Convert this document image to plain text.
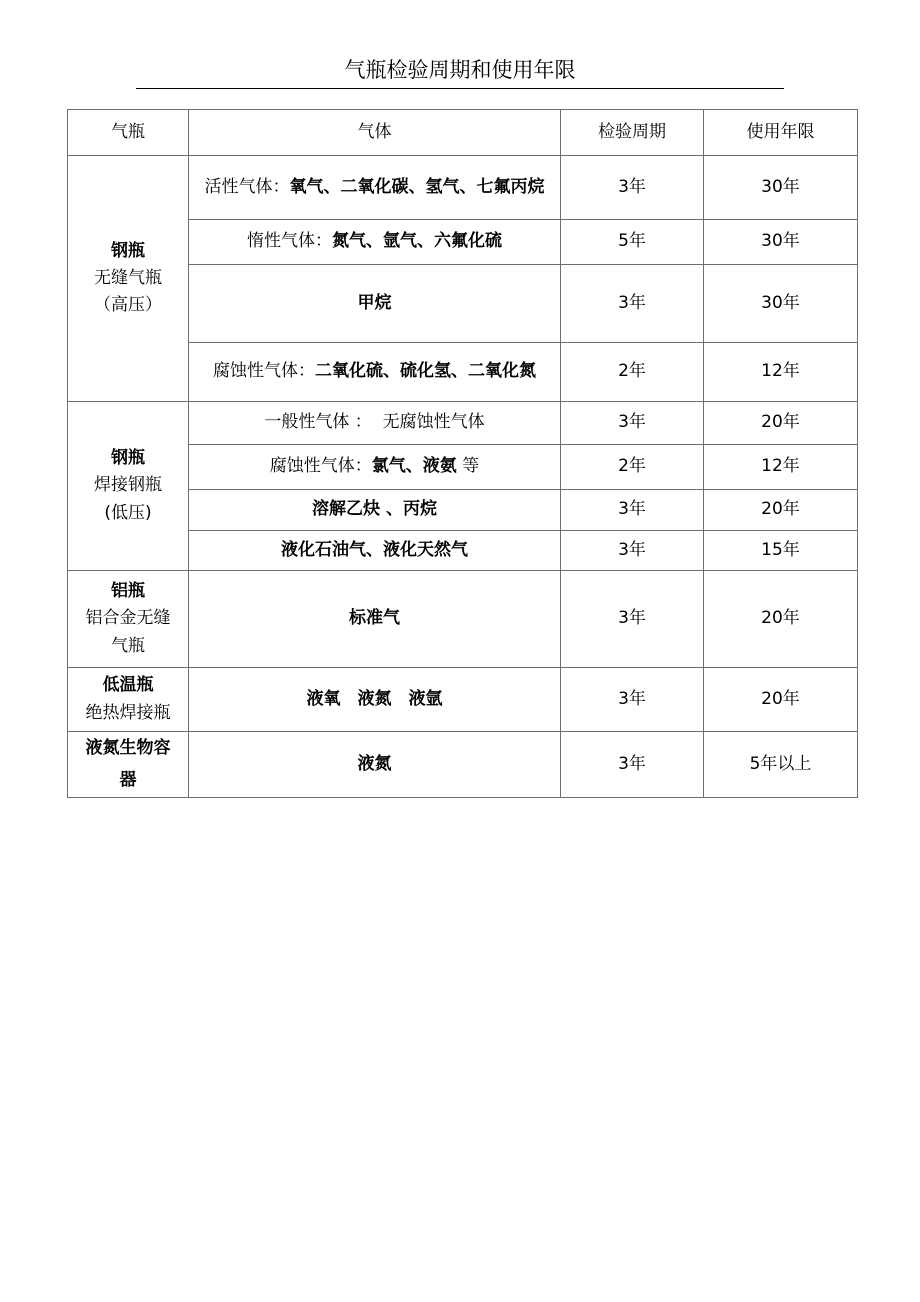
气瓶检验周期和使用年限
气瓶	气体	检验周期	使用年限

钢瓶
无缝气瓶
（高压）	活性气体：氧气、二氧化碳、氢气、七氟丙烷	3年	30年
	惰性气体：氮气、氩气、六氟化硫	5年	30年
	甲烷	3年	30年
	腐蚀性气体：二氧化硫、硫化氢、二氧化氮	2年	12年

钢瓶
焊接钢瓶
(低压)	一般性气体 ：  无腐蚀性气体	3年	20年
	腐蚀性气体：氯气、液氨 等	2年	12年
	溶解乙炔 、丙烷	3年	20年
	液化石油气、液化天然气	3年	15年

铝瓶
铝合金无缝
气瓶	标准气	3年	20年

低温瓶
绝热焊接瓶	液氧　液氮　液氩	3年	20年

液氮生物容器	液氮	3年	5年以上
